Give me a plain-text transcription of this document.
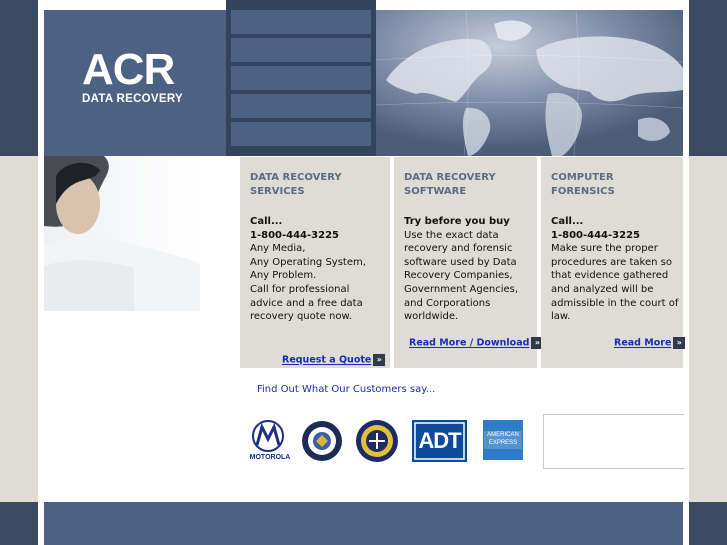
ACR
DATA RECOVERY
DATA RECOVERY
SERVICES
Call...
1-800-444-3225
Any Media,
Any Operating System,
Any Problem.
Call for professional
advice and a free data
recovery quote now.
Request a Quote »
DATA RECOVERY
SOFTWARE
Try before you buy
Use the exact data
recovery and forensic
software used by Data
Recovery Companies,
Government Agencies,
and Corporations
worldwide.
Read More / Download »
COMPUTER
FORENSICS
Call...
1-800-444-3225
Make sure the proper
procedures are taken so
that evidence gathered
and analyzed will be
admissible in the court of
law.
Read More »
Find Out What Our Customers say...
MOTOROLA
ADT	AMERICAN
EXPRESS
